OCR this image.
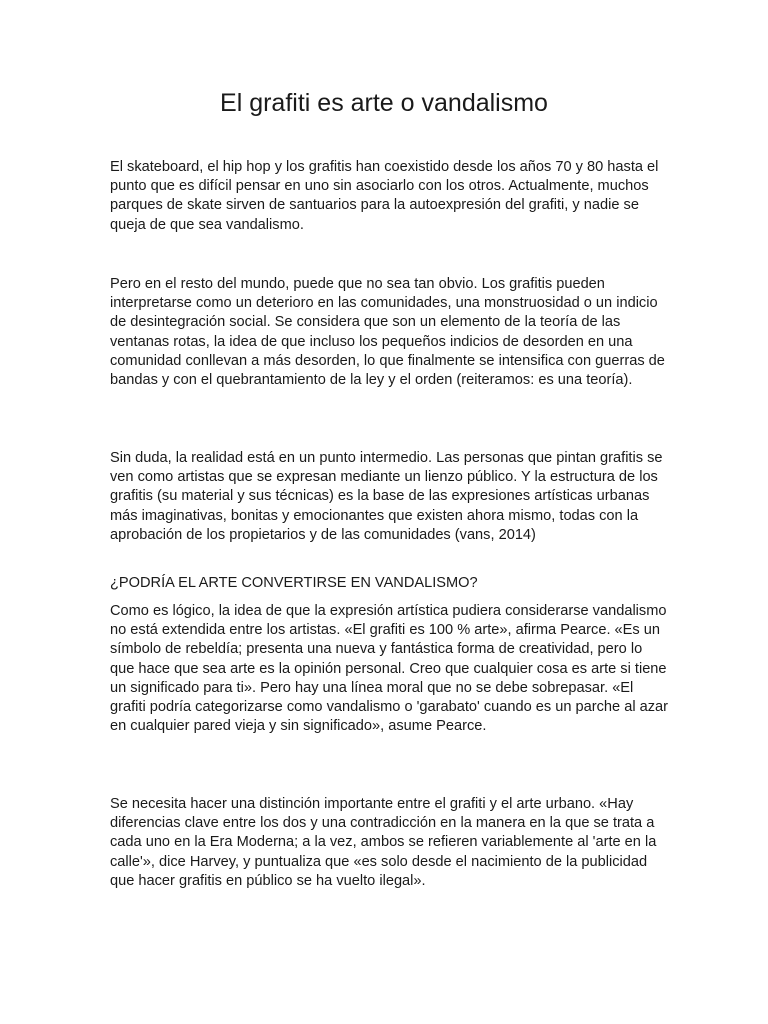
El grafiti es arte o vandalismo

El skateboard, el hip hop y los grafitis han coexistido desde los años 70 y 80 hasta el punto que es difícil pensar en uno sin asociarlo con los otros. Actualmente, muchos parques de skate sirven de santuarios para la autoexpresión del grafiti, y nadie se queja de que sea vandalismo.

Pero en el resto del mundo, puede que no sea tan obvio. Los grafitis pueden interpretarse como un deterioro en las comunidades, una monstruosidad o un indicio de desintegración social. Se considera que son un elemento de la teoría de las ventanas rotas, la idea de que incluso los pequeños indicios de desorden en una comunidad conllevan a más desorden, lo que finalmente se intensifica con guerras de bandas y con el quebrantamiento de la ley y el orden (reiteramos: es una teoría).

Sin duda, la realidad está en un punto intermedio. Las personas que pintan grafitis se ven como artistas que se expresan mediante un lienzo público. Y la estructura de los grafitis (su material y sus técnicas) es la base de las expresiones artísticas urbanas más imaginativas, bonitas y emocionantes que existen ahora mismo, todas con la aprobación de los propietarios y de las comunidades (vans, 2014)

¿PODRÍA EL ARTE CONVERTIRSE EN VANDALISMO?

Como es lógico, la idea de que la expresión artística pudiera considerarse vandalismo no está extendida entre los artistas. «El grafiti es 100 % arte», afirma Pearce. «Es un símbolo de rebeldía; presenta una nueva y fantástica forma de creatividad, pero lo que hace que sea arte es la opinión personal. Creo que cualquier cosa es arte si tiene un significado para ti». Pero hay una línea moral que no se debe sobrepasar. «El grafiti podría categorizarse como vandalismo o 'garabato' cuando es un parche al azar en cualquier pared vieja y sin significado», asume Pearce.

Se necesita hacer una distinción importante entre el grafiti y el arte urbano. «Hay diferencias clave entre los dos y una contradicción en la manera en la que se trata a cada uno en la Era Moderna; a la vez, ambos se refieren variablemente al 'arte en la calle'», dice Harvey, y puntualiza que «es solo desde el nacimiento de la publicidad que hacer grafitis en público se ha vuelto ilegal».
